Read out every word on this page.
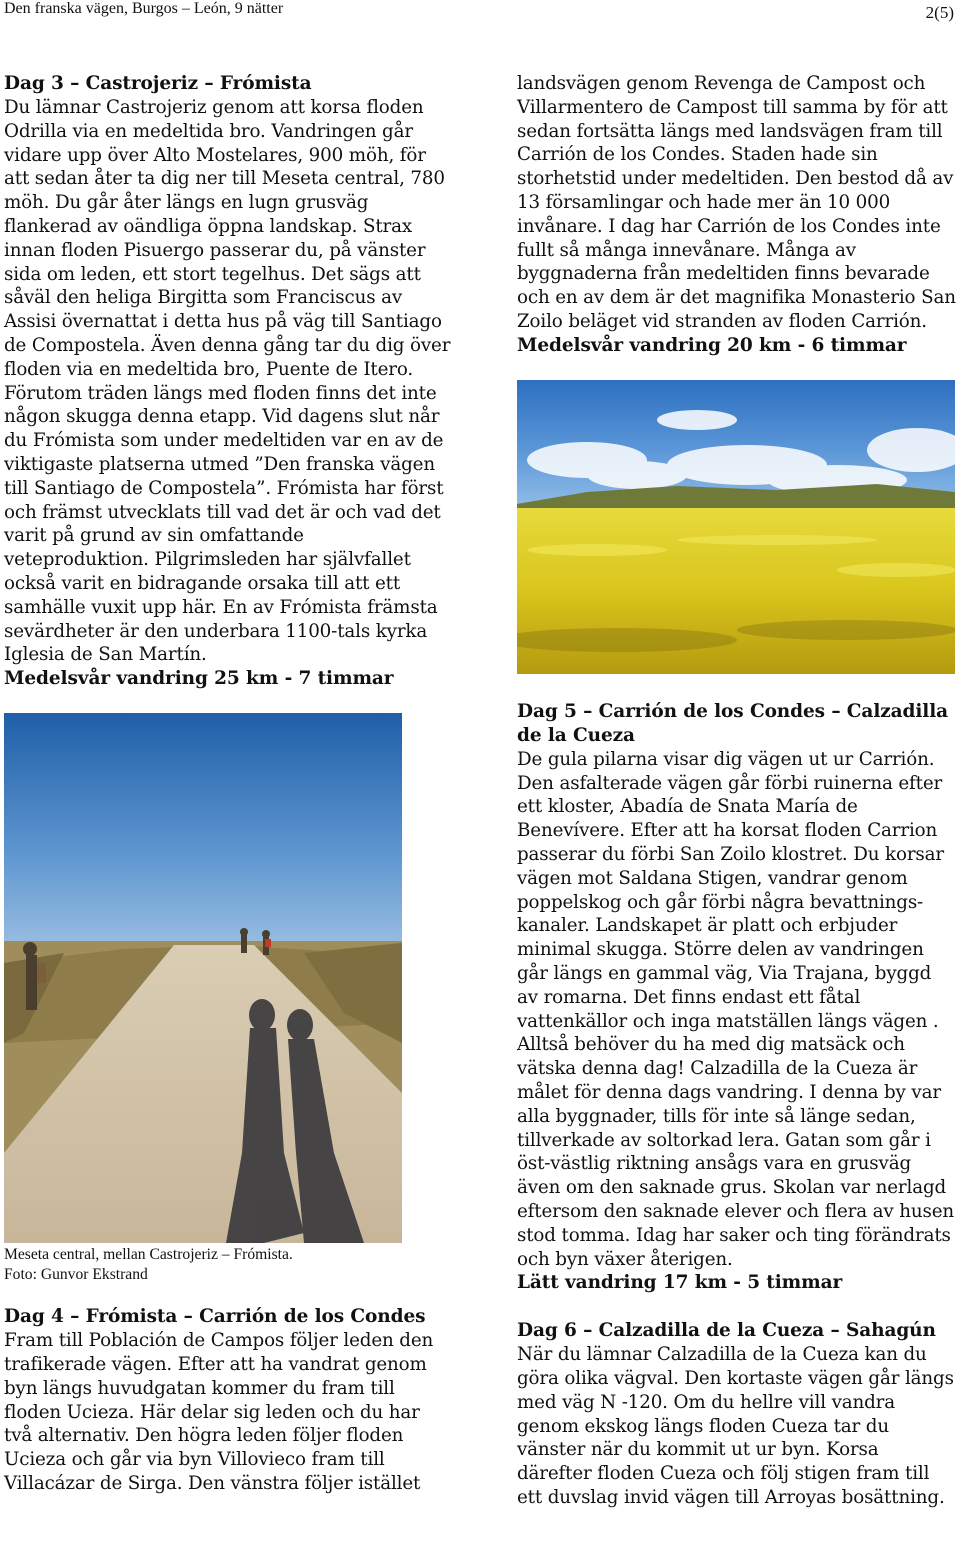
Den franska vägen, Burgos – León, 9 nätter	2(5)
Dag 3 – Castrojeriz – Frómista

Du lämnar Castrojeriz genom att korsa floden Odrilla via en medeltida bro. Vandringen går vidare upp över Alto Mostelares, 900 möh, för att sedan åter ta dig ner till Meseta central, 780 möh. Du går åter längs en lugn grusväg flankerad av oändliga öppna landskap. Strax innan floden Pisuergo passerar du, på vänster sida om leden, ett stort tegelhus. Det sägs att såväl den heliga Birgitta som Franciscus av Assisi övernattat i detta hus på väg till Santiago de Compostela. Även denna gång tar du dig över floden via en medeltida bro, Puente de Itero. Förutom träden längs med floden finns det inte någon skugga denna etapp. Vid dagens slut når du Frómista som under medeltiden var en av de viktigaste platserna utmed ”Den franska vägen till Santiago de Compostela”. Frómista har först och främst utvecklats till vad det är och vad det varit på grund av sin omfattande veteproduktion. Pilgrimsleden har självfallet också varit en bidragande orsaka till att ett samhälle vuxit upp här. En av Frómista främsta sevärdheter är den underbara 1100-tals kyrka Iglesia de San Martín.

Medelsvår vandring 25 km - 7 timmar

Meseta central, mellan Castrojeriz – Frómista.

Foto: Gunvor Ekstrand

Dag 4 – Frómista – Carrión de los Condes

Fram till Población de Campos följer leden den trafikerade vägen. Efter att ha vandrat genom byn längs huvudgatan kommer du fram till floden Ucieza. Här delar sig leden och du har två alternativ. Den högra leden följer floden Ucieza och går via byn Villovieco fram till Villacázar de Sirga. Den vänstra följer istället

landsvägen genom Revenga de Campost och Villarmentero de Campost till samma by för att sedan fortsätta längs med landsvägen fram till Carrión de los Condes. Staden hade sin storhetstid under medeltiden. Den bestod då av 13 församlingar och hade mer än 10 000 invånare. I dag har Carrión de los Condes inte fullt så många innevånare. Många av byggnaderna från medeltiden finns bevarade och en av dem är det magnifika Monasterio San Zoilo beläget vid stranden av floden Carrión.

Medelsvår vandring 20 km - 6 timmar

Dag 5 – Carrión de los Condes – Calzadilla de la Cueza

De gula pilarna visar dig vägen ut ur Carrión. Den asfalterade vägen går förbi ruinerna efter ett kloster, Abadía de Snata María de Benevívere. Efter att ha korsat floden Carrion passerar du förbi San Zoilo klostret. Du korsar vägen mot Saldana Stigen, vandrar genom poppelskog och går förbi några bevattnings-kanaler. Landskapet är platt och erbjuder minimal skugga. Större delen av vandringen går längs en gammal väg, Via Trajana, byggd av romarna. Det finns endast ett fåtal vattenkällor och inga matställen längs vägen . Alltså behöver du ha med dig matsäck och vätska denna dag! Calzadilla de la Cueza är målet för denna dags vandring. I denna by var alla byggnader, tills för inte så länge sedan, tillverkade av soltorkad lera. Gatan som går i öst-västlig riktning ansågs vara en grusväg även om den saknade grus. Skolan var nerlagd eftersom den saknade elever och flera av husen stod tomma. Idag har saker och ting förändrats och byn växer återigen.

Lätt vandring 17 km - 5 timmar

Dag 6 – Calzadilla de la Cueza – Sahagún

När du lämnar Calzadilla de la Cueza kan du göra olika vägval. Den kortaste vägen går längs med väg N -120. Om du hellre vill vandra genom ekskog längs floden Cueza tar du vänster när du kommit ut ur byn. Korsa därefter floden Cueza och följ stigen fram till ett duvslag invid vägen till Arroyas bosättning.
